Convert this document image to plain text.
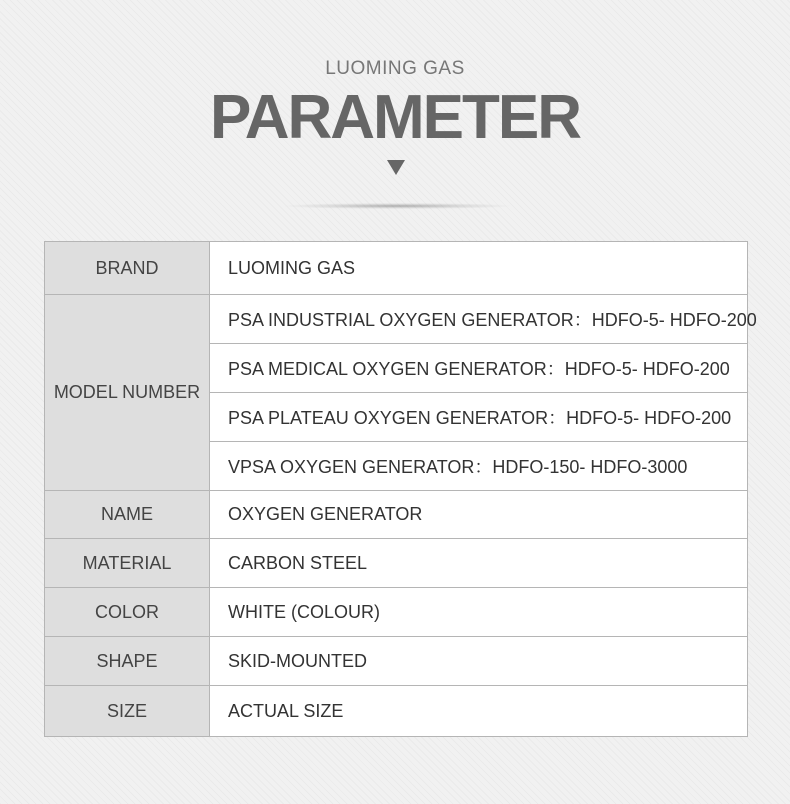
LUOMING GAS
PARAMETER
BRAND	LUOMING GAS
MODEL NUMBER	PSA INDUSTRIAL OXYGEN GENERATOR：HDFO-5- HDFO-200
	PSA MEDICAL OXYGEN GENERATOR：HDFO-5- HDFO-200
	PSA PLATEAU OXYGEN GENERATOR：HDFO-5- HDFO-200
	VPSA OXYGEN GENERATOR：HDFO-150- HDFO-3000
NAME	OXYGEN GENERATOR
MATERIAL	CARBON STEEL
COLOR	WHITE (COLOUR)
SHAPE	SKID-MOUNTED
SIZE	ACTUAL SIZE
